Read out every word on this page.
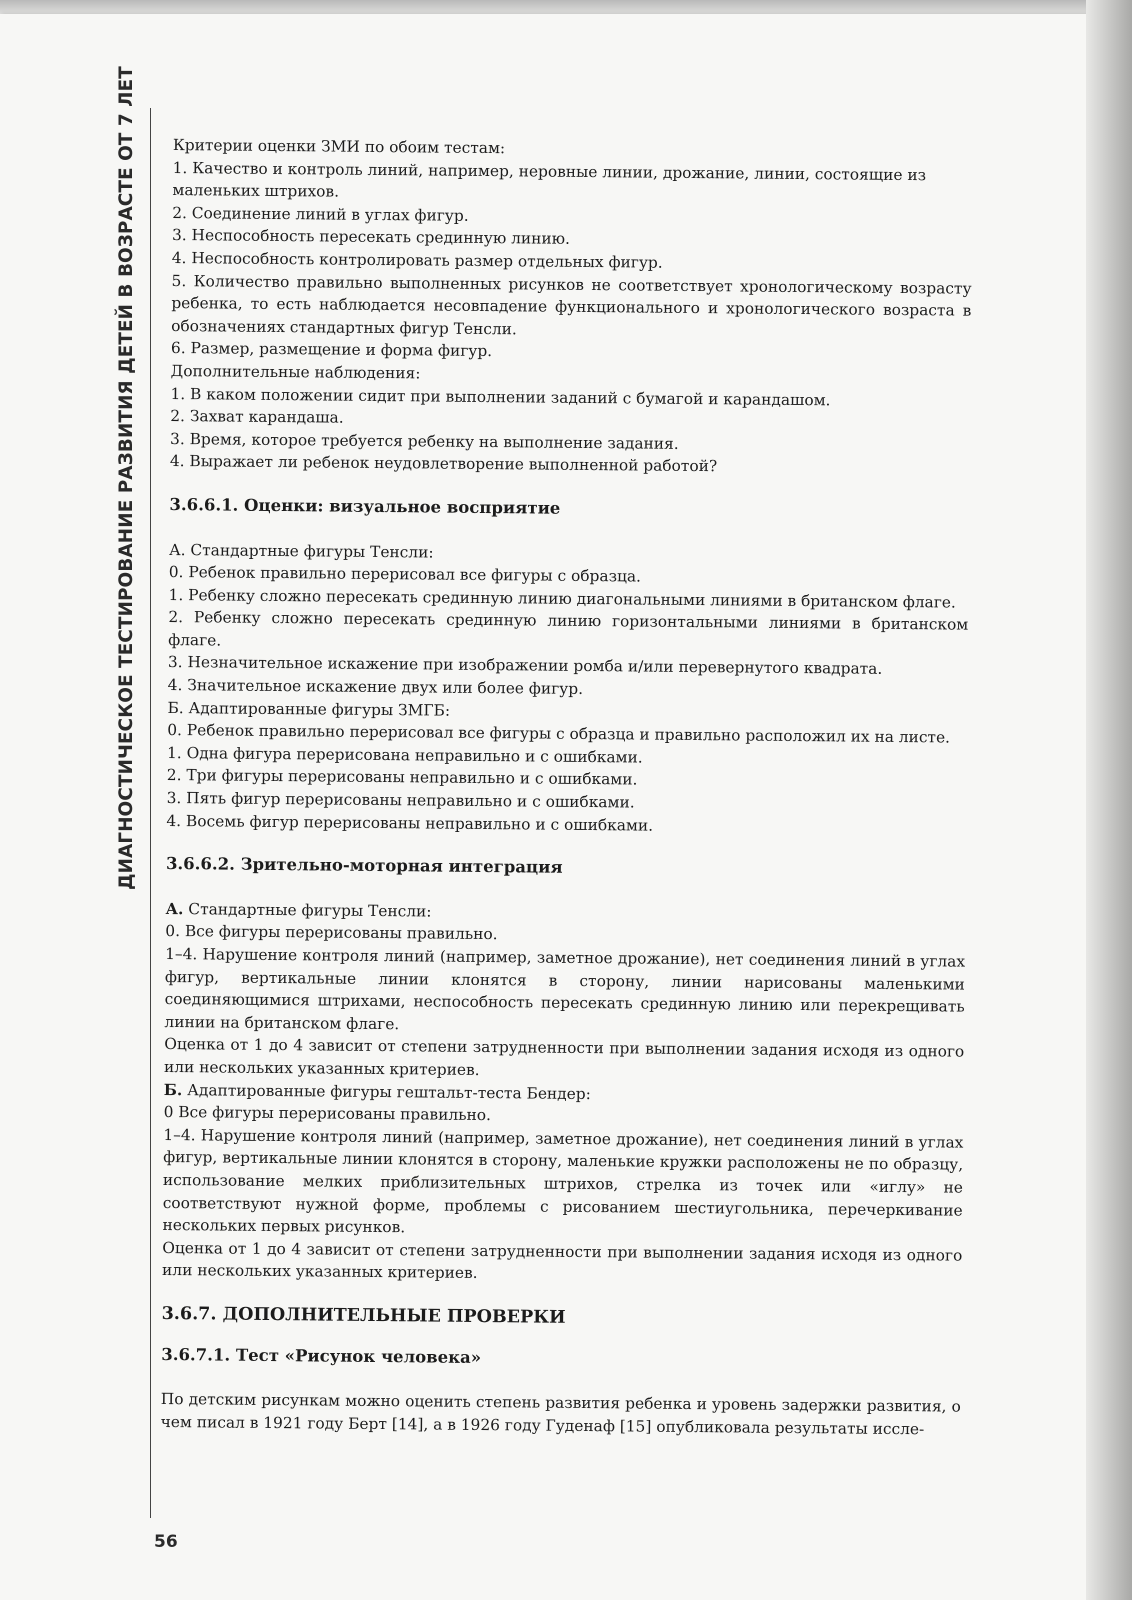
ДИАГНОСТИЧЕСКОЕ ТЕСТИРОВАНИЕ РАЗВИТИЯ ДЕТЕЙ В ВОЗРАСТЕ ОТ 7 ЛЕТ Критерии оценки ЗМИ по обоим тестам:

1. Качество и контроль линий, например, неровные линии, дрожание, линии, состоящие из маленьких штрихов.

2. Соединение линий в углах фигур.

3. Неспособность пересекать срединную линию.

4. Неспособность контролировать размер отдельных фигур.

5. Количество правильно выполненных рисунков не соответствует хронологическому возрасту ребенка, то есть наблюдается несовпадение функционального и хронологического возраста в обозначениях стандартных фигур Тенсли.

6. Размер, размещение и форма фигур.

Дополнительные наблюдения:

1. В каком положении сидит при выполнении заданий с бумагой и карандашом.

2. Захват карандаша.

3. Время, которое требуется ребенку на выполнение задания.

4. Выражает ли ребенок неудовлетворение выполненной работой?

3.6.6.1. Оценки: визуальное восприятие

А. Стандартные фигуры Тенсли:

0. Ребенок правильно перерисовал все фигуры с образца.

1. Ребенку сложно пересекать срединную линию диагональными линиями в британском флаге.

2. Ребенку сложно пересекать срединную линию горизонтальными линиями в британском флаге.

3. Незначительное искажение при изображении ромба и/или перевернутого квадрата.

4. Значительное искажение двух или более фигур.

Б. Адаптированные фигуры ЗМГБ:

0. Ребенок правильно перерисовал все фигуры с образца и правильно расположил их на листе.

1. Одна фигура перерисована неправильно и с ошибками.

2. Три фигуры перерисованы неправильно и с ошибками.

3. Пять фигур перерисованы неправильно и с ошибками.

4. Восемь фигур перерисованы неправильно и с ошибками.

3.6.6.2. Зрительно-моторная интеграция

А. Стандартные фигуры Тенсли:

0. Все фигуры перерисованы правильно.

1–4. Нарушение контроля линий (например, заметное дрожание), нет соединения линий в углах фигур, вертикальные линии клонятся в сторону, линии нарисованы маленькими соединяющимися штрихами, неспособность пересекать срединную линию или перекрещивать линии на британском флаге.

Оценка от 1 до 4 зависит от степени затрудненности при выполнении задания исходя из одного или нескольких указанных критериев.

Б. Адаптированные фигуры гештальт-теста Бендер:

0 Все фигуры перерисованы правильно.

1–4. Нарушение контроля линий (например, заметное дрожание), нет соединения линий в углах фигур, вертикальные линии клонятся в сторону, маленькие кружки расположены не по образцу, использование мелких приблизительных штрихов, стрелка из точек или «иглу» не соответствуют нужной форме, проблемы с рисованием шестиугольника, перечеркивание нескольких первых рисунков.

Оценка от 1 до 4 зависит от степени затрудненности при выполнении задания исходя из одного или нескольких указанных критериев.

3.6.7. ДОПОЛНИТЕЛЬНЫЕ ПРОВЕРКИ
3.6.7.1. Тест «Рисунок человека»

По детским рисункам можно оценить степень развития ребенка и уровень задержки развития, о чем писал в 1921 году Берт [14], а в 1926 году Гуденаф [15] опубликовала результаты иссле-

56
